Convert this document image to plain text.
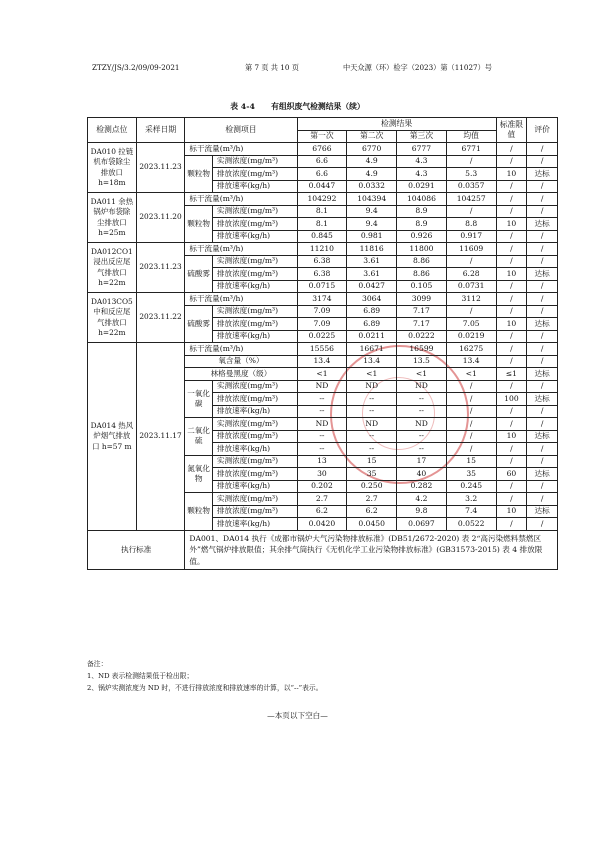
ZTZY/JS/3.2/09/09-2021	第 7 页 共 10 页	中天众源（环）检字（2023）第（11027）号
表 4-4      有组织废气检测结果（续）
检测点位	采样日期	检测项目		检测结果				标准限值	评价
				第一次	第二次	第三次	均值		
DA010 拉链机布袋除尘排放口 h=18m	2023.11.23	标干流量(m³/h)		6766	6770	6777	6771	/	/
		颗粒物	实测浓度(mg/m³)	6.6	4.9	4.3	/	/	/
			排放浓度(mg/m³)	6.6	4.9	4.3	5.3	10	达标
			排放速率(kg/h)	0.0447	0.0332	0.0291	0.0357	/	/
DA011 余热锅炉布袋除尘排放口 h=25m	2023.11.20	标干流量(m³/h)		104292	104394	104086	104257	/	/
		颗粒物	实测浓度(mg/m³)	8.1	9.4	8.9	/	/	/
			排放浓度(mg/m³)	8.1	9.4	8.9	8.8	10	达标
			排放速率(kg/h)	0.845	0.981	0.926	0.917	/	/
DA012CO1 浸出反应尾气排放口 h=22m	2023.11.23	标干流量(m³/h)		11210	11816	11800	11609	/	/
		硫酸雾	实测浓度(mg/m³)	6.38	3.61	8.86	/	/	/
			排放浓度(mg/m³)	6.38	3.61	8.86	6.28	10	达标
			排放速率(kg/h)	0.0715	0.0427	0.105	0.0731	/	/
DA013CO5 中和反应尾气排放口 h=22m	2023.11.22	标干流量(m³/h)		3174	3064	3099	3112	/	/
		硫酸雾	实测浓度(mg/m³)	7.09	6.89	7.17	/	/	/
			排放浓度(mg/m³)	7.09	6.89	7.17	7.05	10	达标
			排放速率(kg/h)	0.0225	0.0211	0.0222	0.0219	/	/
DA014 热风炉烟气排放口 h=57 m	2023.11.17	标干流量(m³/h)		15556	16671	16599	16275	/	/
		氧含量（%）		13.4	13.4	13.5	13.4	/	/
		林格曼黑度（级）		<1	<1	<1	<1	≤1	达标
		一氧化碳	实测浓度(mg/m³)	ND	ND	ND	/	/	/
			排放浓度(mg/m³)	--	--	--	/	100	达标
			排放速率(kg/h)	--	--	--	/	/	/
		二氧化硫	实测浓度(mg/m³)	ND	ND	ND	/	/	/
			排放浓度(mg/m³)	--	--	--	/	10	达标
			排放速率(kg/h)	--	--	--	/	/	/
		氮氧化物	实测浓度(mg/m³)	13	15	17	15	/	/
			排放浓度(mg/m³)	30	35	40	35	60	达标
			排放速率(kg/h)	0.202	0.250	0.282	0.245	/	/
		颗粒物	实测浓度(mg/m³)	2.7	2.7	4.2	3.2	/	/
			排放浓度(mg/m³)	6.2	6.2	9.8	7.4	10	达标
			排放速率(kg/h)	0.0420	0.0450	0.0697	0.0522	/	/
执行标准		DA001、DA014 执行《成都市锅炉大气污染物排放标准》(DB51/2672-2020) 表 2“高污染燃料禁燃区外”燃气锅炉排放限值；其余排气筒执行《无机化学工业污染物排放标准》(GB31573-2015) 表 4 排放限值。							
备注：
1、ND 表示检测结果低于检出限；
2、锅炉实测浓度为 ND 时，不进行排放浓度和排放速率的计算，以“--”表示。
—本页以下空白—
